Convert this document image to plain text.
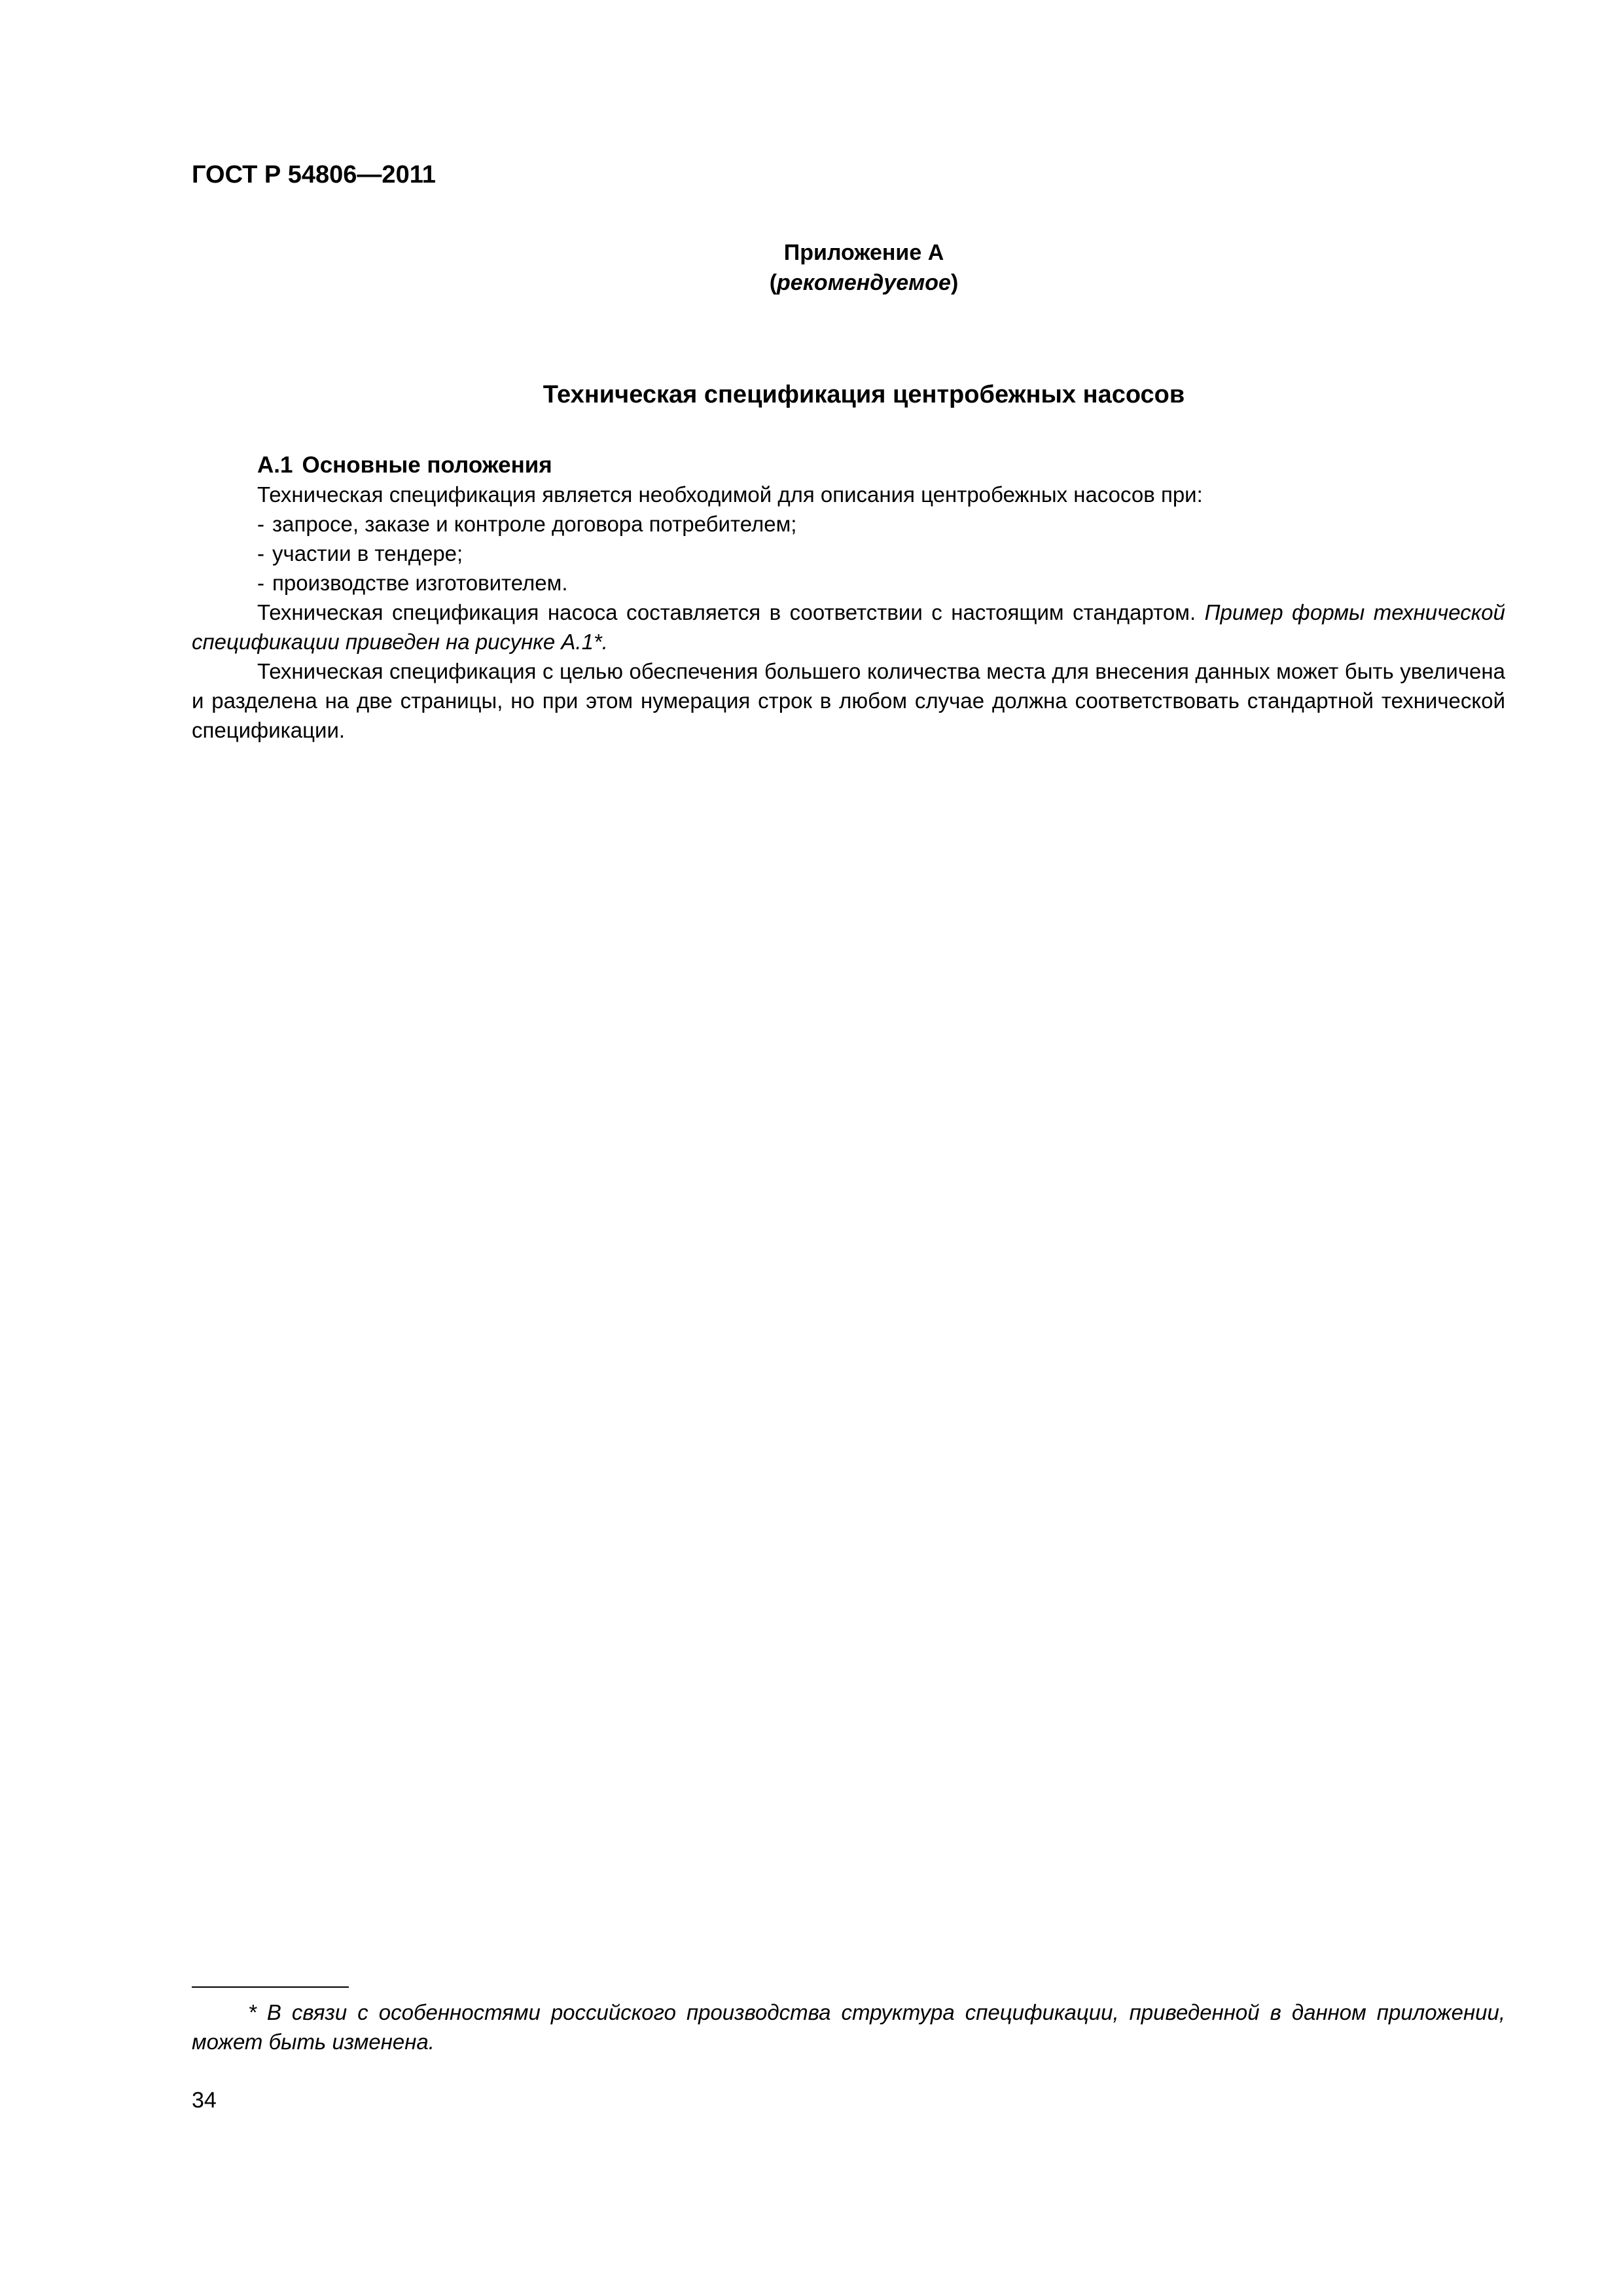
ГОСТ Р 54806—2011

Приложение А
(рекомендуемое)
Техническая спецификация центробежных насосов

А.1 Основные положения

Техническая спецификация является необходимой для описания центробежных насосов при:

- запросе, заказе и контроле договора потребителем;
- участии в тендере;
- производстве изготовителем.

Техническая спецификация насоса составляется в соответствии с настоящим стандартом. Пример формы технической спецификации приведен на рисунке А.1*.

Техническая спецификация с целью обеспечения большего количества места для внесения данных может быть увеличена и разделена на две страницы, но при этом нумерация строк в любом случае должна соответствовать стандартной технической спецификации.

* В связи с особенностями российского производства структура спецификации, приведенной в данном приложении, может быть изменена.

34
